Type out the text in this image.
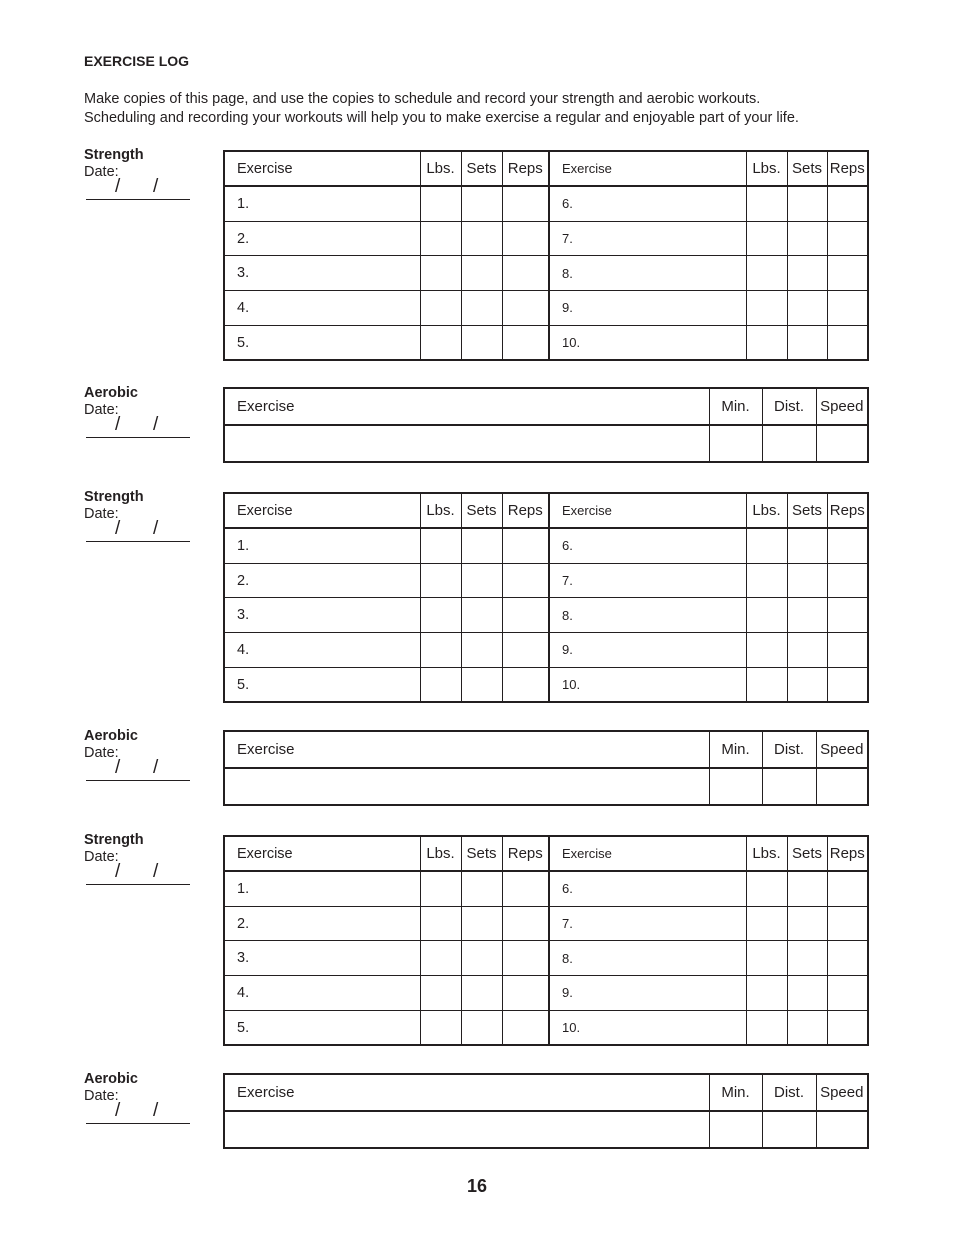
EXERCISE LOG
Make copies of this page, and use the copies to schedule and record your strength and aerobic workouts.
Scheduling and recording your workouts will help you to make exercise a regular and enjoyable part of your life.
Strength
Date:
/ /
Exercise	Lbs.	Sets	Reps	Exercise	Lbs.	Sets	Reps
1.				6.			
2.				7.			
3.				8.			
4.				9.			
5.				10.			
Aerobic
Date:
/ /
Exercise	Min.	Dist.	Speed

Strength
Date:
/ /
Exercise	Lbs.	Sets	Reps	Exercise	Lbs.	Sets	Reps
1.				6.			
2.				7.			
3.				8.			
4.				9.			
5.				10.			
Aerobic
Date:
/ /
Exercise	Min.	Dist.	Speed

Strength
Date:
/ /
Exercise	Lbs.	Sets	Reps	Exercise	Lbs.	Sets	Reps
1.				6.			
2.				7.			
3.				8.			
4.				9.			
5.				10.			
Aerobic
Date:
/ /
Exercise	Min.	Dist.	Speed

16
